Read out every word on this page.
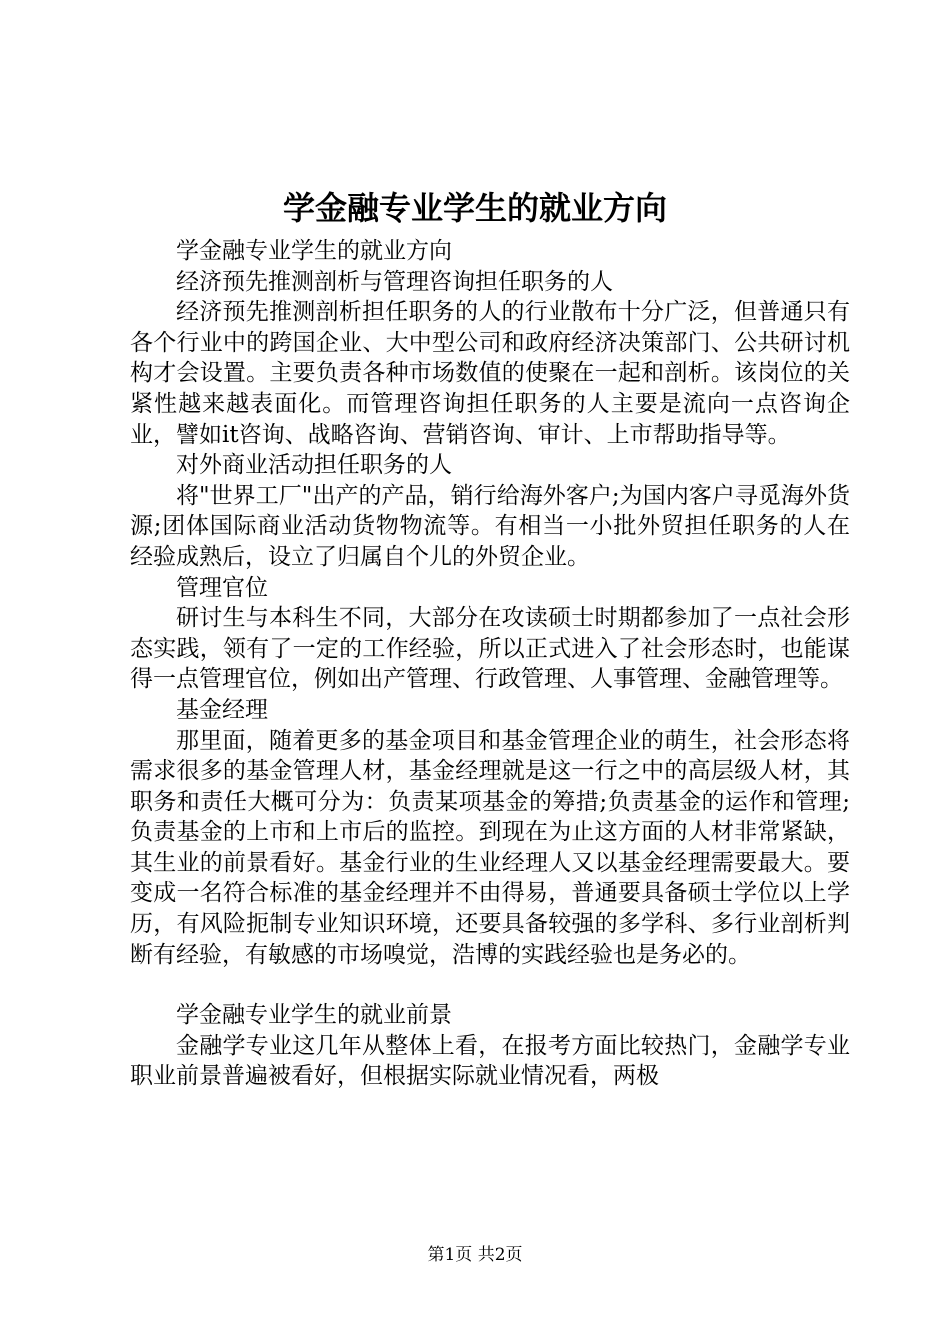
学金融专业学生的就业方向

学金融专业学生的就业方向

经济预先推测剖析与管理咨询担任职务的人

经济预先推测剖析担任职务的人的行业散布十分广泛，但普通只有各个行业中的跨国企业、大中型公司和政府经济决策部门、公共研讨机构才会设置。主要负责各种市场数值的使聚在一起和剖析。该岗位的关紧性越来越表面化。而管理咨询担任职务的人主要是流向一点咨询企业，譬如it咨询、战略咨询、营销咨询、审计、上市帮助指导等。

对外商业活动担任职务的人

将"世界工厂"出产的产品，销行给海外客户;为国内客户寻觅海外货源;团体国际商业活动货物物流等。有相当一小批外贸担任职务的人在经验成熟后，设立了归属自个儿的外贸企业。

管理官位

研讨生与本科生不同，大部分在攻读硕士时期都参加了一点社会形态实践，领有了一定的工作经验，所以正式进入了社会形态时，也能谋得一点管理官位，例如出产管理、行政管理、人事管理、金融管理等。

基金经理

那里面，随着更多的基金项目和基金管理企业的萌生，社会形态将需求很多的基金管理人材，基金经理就是这一行之中的高层级人材，其职务和责任大概可分为：负责某项基金的筹措;负责基金的运作和管理;负责基金的上市和上市后的监控。到现在为止这方面的人材非常紧缺，其生业的前景看好。基金行业的生业经理人又以基金经理需要最大。要变成一名符合标准的基金经理并不由得易，普通要具备硕士学位以上学历，有风险扼制专业知识环境，还要具备较强的多学科、多行业剖析判断有经验，有敏感的市场嗅觉，浩博的实践经验也是务必的。

学金融专业学生的就业前景

金融学专业这几年从整体上看，在报考方面比较热门，金融学专业职业前景普遍被看好，但根据实际就业情况看，两极

第1页 共2页
